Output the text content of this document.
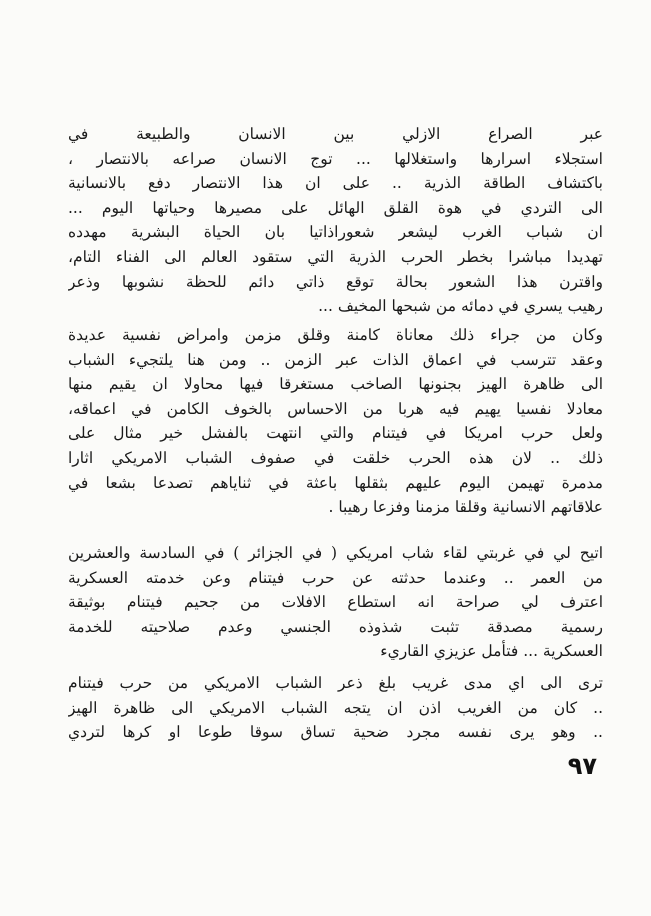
عبر الصراع الازلي بين الانسان والطبيعة في
استجلاء اسرارها واستغلالها ... توج الانسان صراعه بالانتصار ،
باكتشاف الطاقة الذرية .. على ان هذا الانتصار دفع بالانسانية
الى التردي في هوة القلق الهائل على مصيرها وحياتها اليوم ...
ان شباب الغرب ليشعر شعوراذاتيا بان الحياة البشرية مهدده
تهديدا مباشرا بخطر الحرب الذرية التي ستقود العالم الى الفناء التام،
واقترن هذا الشعور بحالة توقع ذاتي دائم للحظة نشوبها وذعر
رهيب يسري في دمائه من شبحها المخيف ...
وكان من جراء ذلك معاناة كامنة وقلق مزمن وامراض نفسية عديدة
وعقد تترسب في اعماق الذات عبر الزمن .. ومن هنا يلتجيء الشباب
الى ظاهرة الهيز بجنونها الصاخب مستغرقا فيها محاولا ان يقيم منها
معادلا نفسيا يهيم فيه هربا من الاحساس بالخوف الكامن في اعماقه،
ولعل حرب امريكا في فيتنام والتي انتهت بالفشل خير مثال على
ذلك .. لان هذه الحرب خلقت في صفوف الشباب الامريكي اثارا
مدمرة تهيمن اليوم عليهم بثقلها باعثة في ثناياهم تصدعا بشعا في
علاقاتهم الانسانية وقلقا مزمنا وفزعا رهيبا .
اتيح لي في غربتي لقاء شاب امريكي ( في الجزائر ) في السادسة والعشرين
من العمر .. وعندما حدثته عن حرب فيتنام وعن خدمته العسكرية
اعترف لي صراحة انه استطاع الافلات من جحيم فيتنام بوثيقة
رسمية مصدقة تثبت شذوذه الجنسي وعدم صلاحيته للخدمة
العسكرية ... فتأمل عزيزي القاريء
ترى الى اي مدى غريب بلغ ذعر الشباب الامريكي من حرب فيتنام
.. كان من الغريب اذن ان يتجه الشباب الامريكي الى ظاهرة الهيز
.. وهو يرى نفسه مجرد ضحية تساق سوقا طوعا او كرها لتردي
٩٧
